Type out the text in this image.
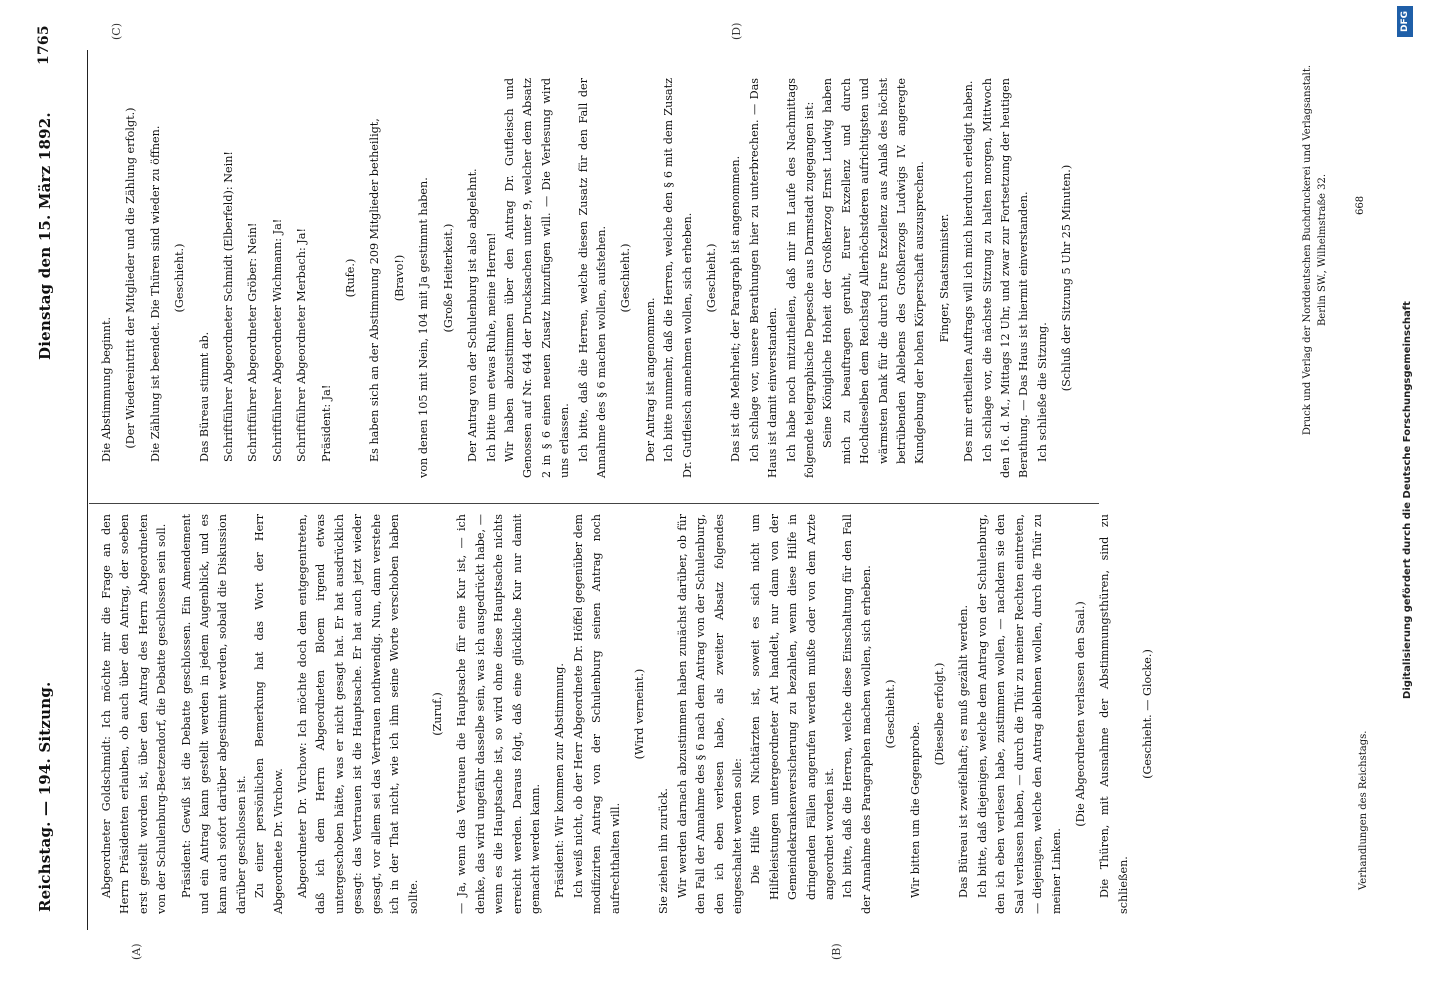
Reichstag. — 194. Sitzung.
Dienstag den 15. März 1892.
1765
(A)	(B)
(C)	(D)

Abgeordneter Goldschmidt: Ich möchte mir die Frage an den Herrn Präsidenten erlauben, ob auch über den Antrag, der soeben erst gestellt worden ist, über den Antrag des Herrn Abgeordneten von der Schulenburg-Beetzendorf, die Debatte geschlossen sein soll.	Präsident: Gewiß ist die Debatte geschlossen. Ein Amendement und ein Antrag kann gestellt werden in jedem Augenblick, und es kann auch sofort darüber abgestimmt werden, sobald die Diskussion darüber geschlossen ist. Zu einer persönlichen Bemerkung hat das Wort der Herr Abgeordnete Dr. Virchow.	Abgeordneter Dr. Virchow: Ich möchte doch dem entgegentreten, daß ich dem Herrn Abgeordneten Bloem irgend etwas untergeschoben hätte, was er nicht gesagt hat. Er hat ausdrücklich gesagt: das Vertrauen ist die Hauptsache. Er hat auch jetzt wieder gesagt, vor allem sei das Vertrauen nothwendig. Nun, dann verstehe ich in der That nicht, wie ich ihm seine Worte verschoben haben sollte.

(Zuruf.)	— Ja, wenn das Vertrauen die Hauptsache für eine Kur ist, — ich denke, das wird ungefähr dasselbe sein, was ich ausgedrückt habe, — wenn es die Hauptsache ist, so wird ohne diese Hauptsache nichts erreicht werden. Daraus folgt, daß eine glückliche Kur nur damit gemacht werden kann.	Präsident: Wir kommen zur Abstimmung. Ich weiß nicht, ob der Herr Abgeordnete Dr. Höffel gegenüber dem modifizirten Antrag von der Schulenburg seinen Antrag noch aufrechthalten will.

(Wird verneint.)

Sie ziehen ihn zurück. Wir werden darnach abzustimmen haben zunächst darüber, ob für den Fall der Annahme des § 6 nach dem Antrag von der Schulenburg, den ich eben verlesen habe, als zweiter Absatz folgendes eingeschaltet werden solle: Die Hilfe von Nichtärzten ist, soweit es sich nicht um Hilfeleistungen untergeordneter Art handelt, nur dann von der Gemeindekrankenversicherung zu bezahlen, wenn diese Hilfe in dringenden Fällen angerufen werden mußte oder von dem Arzte angeordnet worden ist. Ich bitte, daß die Herren, welche diese Einschaltung für den Fall der Annahme des Paragraphen machen wollen, sich erheben.	(Geschieht.)

Wir bitten um die Gegenprobe.

(Dieselbe erfolgt.)	Das Büreau ist zweifelhaft; es muß gezählt werden. Ich bitte, daß diejenigen, welche dem Antrag von der Schulenburg, den ich eben verlesen habe, zustimmen wollen, — nachdem sie den Saal verlassen haben, — durch die Thür zu meiner Rechten eintreten, — diejenigen, welche den Antrag ablehnen wollen, durch die Thür zu meiner Linken.

(Die Abgeordneten verlassen den Saal.)	Die Thüren, mit Ausnahme der Abstimmungsthüren, sind zu schließen.

(Geschieht. — Glocke.)

Die Abstimmung beginnt.	(Der Wiedereintritt der Mitglieder und die Zählung erfolgt.)	Die Zählung ist beendet. Die Thüren sind wieder zu öffnen.	(Geschieht.)

Das Büreau stimmt ab.	Schriftführer Abgeordneter Schmidt (Elberfeld): Nein!	Schriftführer Abgeordneter Gröber: Nein!	Schriftführer Abgeordneter Wichmann: Ja!	Schriftführer Abgeordneter Merbach: Ja!	Präsident: Ja!

(Rufe.)	Es haben sich an der Abstimmung 209 Mitglieder betheiligt,	(Bravo!)	von denen 105 mit Nein, 104 mit Ja gestimmt haben.	(Große Heiterkeit.)	Der Antrag von der Schulenburg ist also abgelehnt. Ich bitte um etwas Ruhe, meine Herren! Wir haben abzustimmen über den Antrag Dr. Gutfleisch und Genossen auf Nr. 644 der Drucksachen unter 9, welcher dem Absatz 2 in § 6 einen neuen Zusatz hinzufügen will. — Die Verlesung wird uns erlassen. Ich bitte, daß die Herren, welche diesen Zusatz für den Fall der Annahme des § 6 machen wollen, aufstehen.	(Geschieht.)

Der Antrag ist angenommen. Ich bitte nunmehr, daß die Herren, welche den § 6 mit dem Zusatz Dr. Gutfleisch annehmen wollen, sich erheben.	(Geschieht.)	Das ist die Mehrheit; der Paragraph ist angenommen. Ich schlage vor, unsere Berathungen hier zu unterbrechen. — Das Haus ist damit einverstanden. Ich habe noch mitzutheilen, daß mir im Laufe des Nachmittags folgende telegraphische Depesche aus Darmstadt zugegangen ist: Seine Königliche Hoheit der Großherzog Ernst Ludwig haben mich zu beauftragen geruht, Eurer Exzellenz und durch Hochdieselben dem Reichstag Allerhöchstderen aufrichtigsten und wärmsten Dank für die durch Eure Exzellenz aus Anlaß des höchst betrübenden Ablebens des Großherzogs Ludwigs IV. angeregte Kundgebung der hohen Körperschaft auszusprechen.	Finger, Staatsminister.	Des mir ertheilten Auftrags will ich mich hierdurch erledigt haben. Ich schlage vor, die nächste Sitzung zu halten morgen, Mittwoch den 16. d. M., Mittags 12 Uhr, und zwar zur Fortsetzung der heutigen Berathung. — Das Haus ist hiermit einverstanden. Ich schließe die Sitzung.

(Schluß der Sitzung 5 Uhr 25 Minuten.)

Verhandlungen des Reichstags.

Druck und Verlag der Norddeutschen Buchdruckerei und Verlagsanstalt. Berlin SW., Wilhelmstraße 32.	668
Digitalisierung gefördert durch die Deutsche Forschungsgemeinschaft
DFG
